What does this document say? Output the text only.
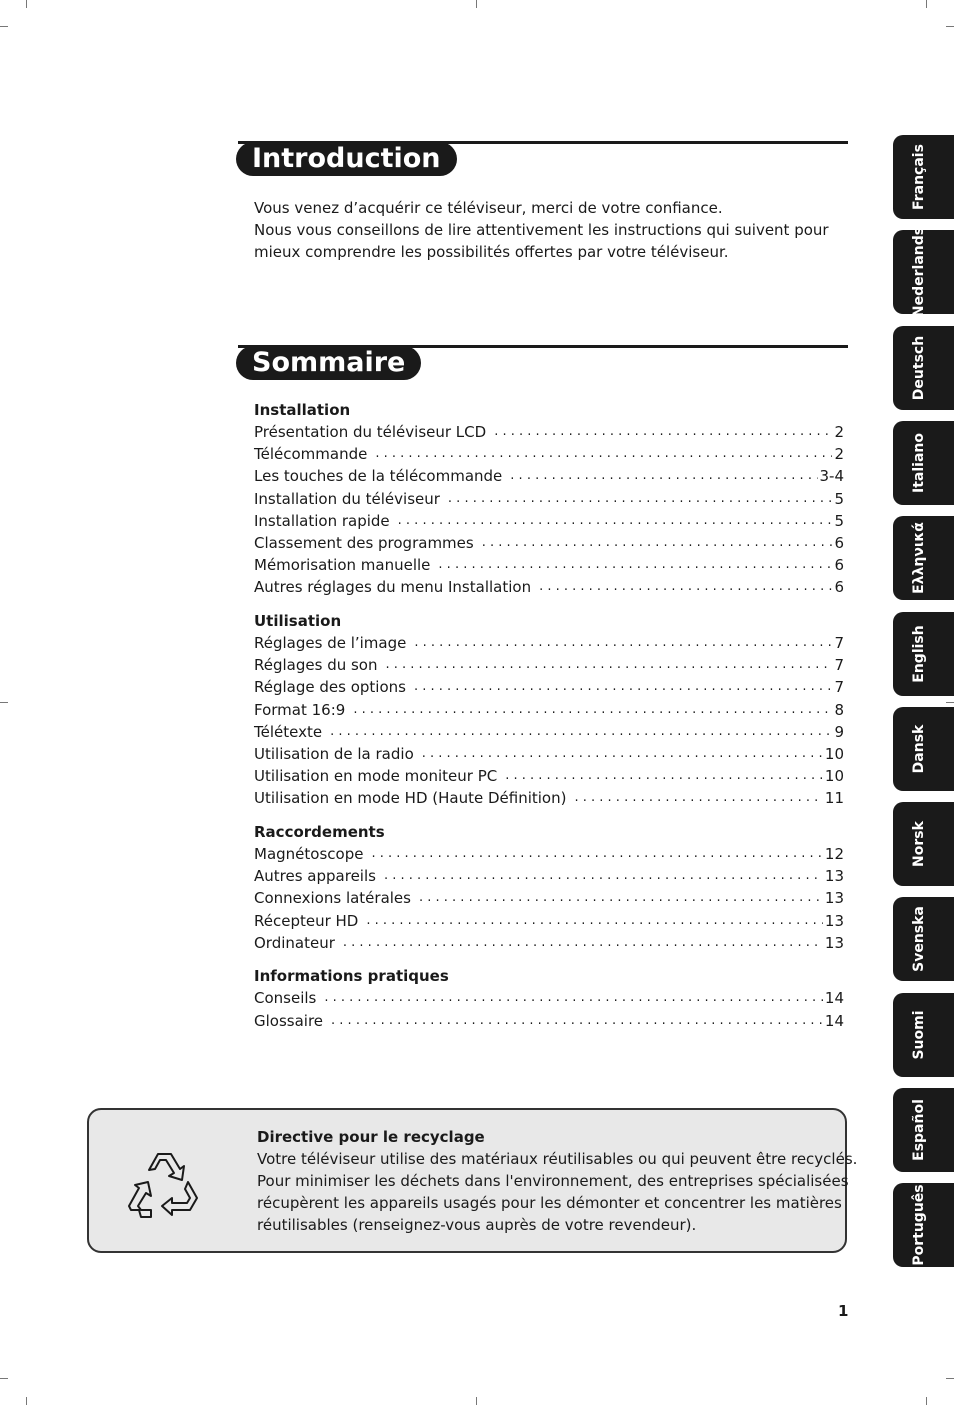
Introduction
Vous venez d’acquérir ce téléviseur, merci de votre confiance.
Nous vous conseillons de lire attentivement les instructions qui suivent pour
mieux comprendre les possibilités offertes par votre téléviseur.
Sommaire
Installation
Présentation du téléviseur LCD . . .	2
Télécommande . . .	2
Les touches de la télécommande . . .	3-4
Installation du téléviseur . . .	5
Installation rapide . . .	5
Classement des programmes . . .	6
Mémorisation manuelle . . .	6
Autres réglages du menu Installation . . .	6
Utilisation
Réglages de l’image . . .	7
Réglages du son . . .	7
Réglage des options . . .	7
Format 16:9 . . .	8
Télétexte . . .	9
Utilisation de la radio . . .	10
Utilisation en mode moniteur PC . . .	10
Utilisation en mode HD (Haute Définition) . . .	11
Raccordements
Magnétoscope . . .	12
Autres appareils . . .	13
Connexions latérales . . .	13
Récepteur HD . . .	13
Ordinateur . . .	13
Informations pratiques
Conseils . . .	14
Glossaire . . .	14
Français
Nederlands
Deutsch
Italiano
Ελληνικά
English
Dansk
Norsk
Svenska
Suomi
Español
Português
Directive pour le recyclage
Votre téléviseur utilise des matériaux réutilisables ou qui peuvent être recyclés.
Pour minimiser les déchets dans l'environnement, des entreprises spécialisées
récupèrent les appareils usagés pour les démonter et concentrer les matières
réutilisables (renseignez-vous auprès de votre revendeur).
1
